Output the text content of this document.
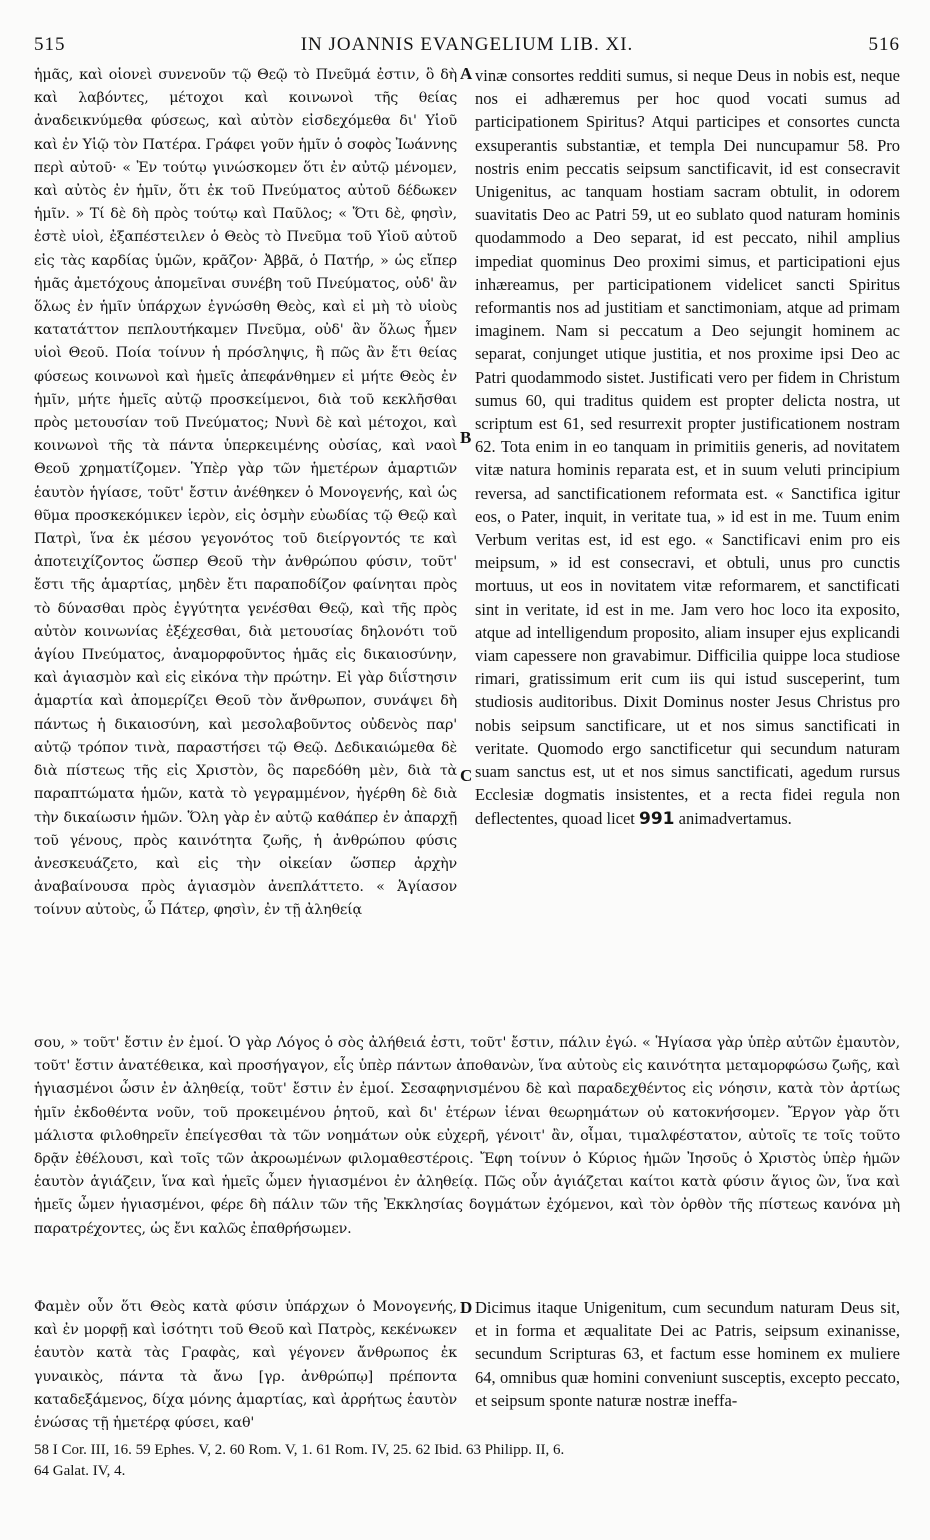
515	IN JOANNIS EVANGELIUM LIB. XI.	516

ἡμᾶς, καὶ οἱονεὶ συνενοῦν τῷ Θεῷ τὸ Πνεῦμά ἐστιν, ὃ δὴ καὶ λαβόντες, μέτοχοι καὶ κοινωνοὶ τῆς θείας ἀναδεικνύμεθα φύσεως, καὶ αὐτὸν εἰσδεχόμεθα δι' Υἱοῦ καὶ ἐν Υἱῷ τὸν Πατέρα. Γράφει γοῦν ἡμῖν ὁ σοφὸς Ἰωάννης περὶ αὐτοῦ· « Ἐν τούτῳ γινώσκομεν ὅτι ἐν αὐτῷ μένομεν, καὶ αὐτὸς ἐν ἡμῖν, ὅτι ἐκ τοῦ Πνεύματος αὐτοῦ δέδωκεν ἡμῖν. » Τί δὲ δὴ πρὸς τούτῳ καὶ Παῦλος; « Ὅτι δὲ, φησὶν, ἐστὲ υἱοὶ, ἐξαπέστειλεν ὁ Θεὸς τὸ Πνεῦμα τοῦ Υἱοῦ αὐτοῦ εἰς τὰς καρδίας ὑμῶν, κρᾶζον· Ἀββᾶ, ὁ Πατήρ, » ὡς εἴπερ ἡμᾶς ἀμετόχους ἀπομεῖναι συνέβη τοῦ Πνεύματος, οὐδ' ἂν ὅλως ἐν ἡμῖν ὑπάρχων ἐγνώσθη Θεὸς, καὶ εἰ μὴ τὸ υἱοὺς κατατάττον πεπλουτήκαμεν Πνεῦμα, οὐδ' ἂν ὅλως ἦμεν υἱοὶ Θεοῦ. Ποία τοίνυν ἡ πρόσληψις, ἢ πῶς ἂν ἔτι θείας φύσεως κοινωνοὶ καὶ ἡμεῖς ἀπεφάνθημεν εἰ μήτε Θεὸς ἐν ἡμῖν, μήτε ἡμεῖς αὐτῷ προσκείμενοι, διὰ τοῦ κεκλῆσθαι πρὸς μετουσίαν τοῦ Πνεύματος; Νυνὶ δὲ καὶ μέτοχοι, καὶ κοινωνοὶ τῆς τὰ πάντα ὑπερκειμένης οὐσίας, καὶ ναοὶ Θεοῦ χρηματίζομεν. Ὑπὲρ γὰρ τῶν ἡμετέρων ἁμαρτιῶν ἑαυτὸν ἡγίασε, τοῦτ' ἔστιν ἀνέθηκεν ὁ Μονογενής, καὶ ὡς θῦμα προσκεκόμικεν ἱερὸν, εἰς ὀσμὴν εὐωδίας τῷ Θεῷ καὶ Πατρὶ, ἵνα ἐκ μέσου γεγονότος τοῦ διείργοντός τε καὶ ἀποτειχίζοντος ὥσπερ Θεοῦ τὴν ἀνθρώπου φύσιν, τοῦτ' ἔστι τῆς ἁμαρτίας, μηδὲν ἔτι παραποδίζον φαίνηται πρὸς τὸ δύνασθαι πρὸς ἐγγύτητα γενέσθαι Θεῷ, καὶ τῆς πρὸς αὐτὸν κοινωνίας ἐξέχεσθαι, διὰ μετουσίας δηλονότι τοῦ ἁγίου Πνεύματος, ἀναμορφοῦντος ἡμᾶς εἰς δικαιοσύνην, καὶ ἁγιασμὸν καὶ εἰς εἰκόνα τὴν πρώτην. Εἰ γὰρ διΐστησιν ἁμαρτία καὶ ἀπομερίζει Θεοῦ τὸν ἄνθρωπον, συνάψει δὴ πάντως ἡ δικαιοσύνη, καὶ μεσολαβοῦντος οὐδενὸς παρ' αὐτῷ τρόπον τινὰ, παραστήσει τῷ Θεῷ. Δεδικαιώμεθα δὲ διὰ πίστεως τῆς εἰς Χριστὸν, ὃς παρεδόθη μὲν, διὰ τὰ παραπτώματα ἡμῶν, κατὰ τὸ γεγραμμένον, ἠγέρθη δὲ διὰ τὴν δικαίωσιν ἡμῶν. Ὅλη γὰρ ἐν αὐτῷ καθάπερ ἐν ἀπαρχῇ τοῦ γένους, πρὸς καινότητα ζωῆς, ἡ ἀνθρώπου φύσις ἀνεσκευάζετο, καὶ εἰς τὴν οἰκείαν ὥσπερ ἀρχὴν ἀναβαίνουσα πρὸς ἁγιασμὸν ἀνεπλάττετο. « Ἁγίασον τοίνυν αὐτοὺς, ὦ Πάτερ, φησὶν, ἐν τῇ ἀληθείᾳ

A
B
C
D

vinæ consortes redditi sumus, si neque Deus in nobis est, neque nos ei adhæremus per hoc quod vocati sumus ad participationem Spiritus? Atqui participes et consortes cuncta exsuperantis substantiæ, et templa Dei nuncupamur 58. Pro nostris enim peccatis seipsum sanctificavit, id est consecravit Unigenitus, ac tanquam hostiam sacram obtulit, in odorem suavitatis Deo ac Patri 59, ut eo sublato quod naturam hominis quodammodo a Deo separat, id est peccato, nihil amplius impediat quominus Deo proximi simus, et participationi ejus inhæreamus, per participationem videlicet sancti Spiritus reformantis nos ad justitiam et sanctimoniam, atque ad primam imaginem. Nam si peccatum a Deo sejungit hominem ac separat, conjunget utique justitia, et nos proxime ipsi Deo ac Patri quodammodo sistet. Justificati vero per fidem in Christum sumus 60, qui traditus quidem est propter delicta nostra, ut scriptum est 61, sed resurrexit propter justificationem nostram 62. Tota enim in eo tanquam in primitiis generis, ad novitatem vitæ natura hominis reparata est, et in suum veluti principium reversa, ad sanctificationem reformata est. « Sanctifica igitur eos, o Pater, inquit, in veritate tua, » id est in me. Tuum enim Verbum veritas est, id est ego. « Sanctificavi enim pro eis meipsum, » id est consecravi, et obtuli, unus pro cunctis mortuus, ut eos in novitatem vitæ reformarem, et sanctificati sint in veritate, id est in me. Jam vero hoc loco ita exposito, atque ad intelligendum proposito, aliam insuper ejus explicandi viam capessere non gravabimur. Difficilia quippe loca studiose rimari, gratissimum erit cum iis qui istud susceperint, tum studiosis auditoribus. Dixit Dominus noster Jesus Christus pro nobis seipsum sanctificare, ut et nos simus sanctificati in veritate. Quomodo ergo sanctificetur qui secundum naturam suam sanctus est, ut et nos simus sanctificati, agedum rursus Ecclesiæ dogmatis insistentes, et a recta fidei regula non deflectentes, quoad licet 991 animadvertamus.

σου, » τοῦτ' ἔστιν ἐν ἐμοί. Ὁ γὰρ Λόγος ὁ σὸς ἀλήθειά ἐστι, τοῦτ' ἔστιν, πάλιν ἐγώ. « Ἡγίασα γὰρ ὑπὲρ αὐτῶν ἐμαυτὸν, τοῦτ' ἔστιν ἀνατέθεικα, καὶ προσήγαγον, εἷς ὑπὲρ πάντων ἀποθανὼν, ἵνα αὐτοὺς εἰς καινότητα μεταμορφώσω ζωῆς, καὶ ἡγιασμένοι ὦσιν ἐν ἀληθείᾳ, τοῦτ' ἔστιν ἐν ἐμοί. Σεσαφηνισμένου δὲ καὶ παραδεχθέντος εἰς νόησιν, κατὰ τὸν ἀρτίως ἡμῖν ἐκδοθέντα νοῦν, τοῦ προκειμένου ῥητοῦ, καὶ δι' ἑτέρων ἰέναι θεωρημάτων οὐ κατοκνήσομεν. Ἔργον γὰρ ὅτι μάλιστα φιλοθηρεῖν ἐπείγεσθαι τὰ τῶν νοημάτων οὐκ εὐχερῆ, γένοιτ' ἂν, οἶμαι, τιμαλφέστατον, αὐτοῖς τε τοῖς τοῦτο δρᾷν ἐθέλουσι, καὶ τοῖς τῶν ἀκροωμένων φιλομαθεστέροις. Ἔφη τοίνυν ὁ Κύριος ἡμῶν Ἰησοῦς ὁ Χριστὸς ὑπὲρ ἡμῶν ἑαυτὸν ἁγιάζειν, ἵνα καὶ ἡμεῖς ὦμεν ἡγιασμένοι ἐν ἀληθείᾳ. Πῶς οὖν ἁγιάζεται καίτοι κατὰ φύσιν ἅγιος ὢν, ἵνα καὶ ἡμεῖς ὦμεν ἡγιασμένοι, φέρε δὴ πάλιν τῶν τῆς Ἐκκλησίας δογμάτων ἐχόμενοι, καὶ τὸν ὀρθὸν τῆς πίστεως κανόνα μὴ παρατρέχοντες, ὡς ἔνι καλῶς ἐπαθρήσωμεν.

Φαμὲν οὖν ὅτι Θεὸς κατὰ φύσιν ὑπάρχων ὁ Μονογενής, καὶ ἐν μορφῇ καὶ ἰσότητι τοῦ Θεοῦ καὶ Πατρὸς, κεκένωκεν ἑαυτὸν κατὰ τὰς Γραφὰς, καὶ γέγονεν ἄνθρωπος ἐκ γυναικὸς, πάντα τὰ ἄνω [γρ. ἀνθρώπῳ] πρέποντα καταδεξάμενος, δίχα μόνης ἁμαρτίας, καὶ ἀρρήτως ἑαυτὸν ἑνώσας τῇ ἡμετέρᾳ φύσει, καθ'

Dicimus itaque Unigenitum, cum secundum naturam Deus sit, et in forma et æqualitate Dei ac Patris, seipsum exinanisse, secundum Scripturas 63, et factum esse hominem ex muliere 64, omnibus quæ homini conveniunt susceptis, excepto peccato, et seipsum sponte naturæ nostræ ineffa-

58 I Cor. III, 16. 59 Ephes. V, 2. 60 Rom. V, 1. 61 Rom. IV, 25. 62 Ibid. 63 Philipp. II, 6.
64 Galat. IV, 4.
